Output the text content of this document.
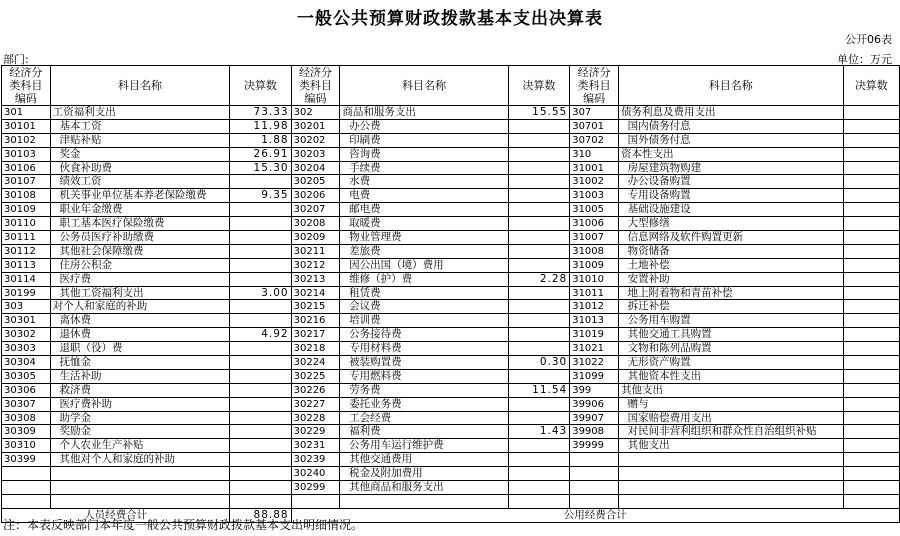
一般公共预算财政拨款基本支出决算表
公开06表
部门:	单位：万元
经济分类科目编码	科目名称	决算数	经济分类科目编码	科目名称	决算数	经济分类科目编码	科目名称	决算数
301	工资福利支出	73.33	302	商品和服务支出	15.55	307	债务利息及费用支出	
30101	基本工资	11.98	30201	办公费		30701	国内债务付息	
30102	津贴补贴	1.88	30202	印刷费		30702	国外债务付息	
30103	奖金	26.91	30203	咨询费		310	资本性支出	
30106	伙食补助费	15.30	30204	手续费		31001	房屋建筑物购建	
30107	绩效工资		30205	水费		31002	办公设备购置	
30108	机关事业单位基本养老保险缴费	9.35	30206	电费		31003	专用设备购置	
30109	职业年金缴费		30207	邮电费		31005	基础设施建设	
30110	职工基本医疗保险缴费		30208	取暖费		31006	大型修缮	
30111	公务员医疗补助缴费		30209	物业管理费		31007	信息网络及软件购置更新	
30112	其他社会保障缴费		30211	差旅费		31008	物资储备	
30113	住房公积金		30212	因公出国（境）费用		31009	土地补偿	
30114	医疗费		30213	维修（护）费	2.28	31010	安置补助	
30199	其他工资福利支出	3.00	30214	租赁费		31011	地上附着物和青苗补偿	
303	对个人和家庭的补助		30215	会议费		31012	拆迁补偿	
30301	离休费		30216	培训费		31013	公务用车购置	
30302	退休费	4.92	30217	公务接待费		31019	其他交通工具购置	
30303	退职（役）费		30218	专用材料费		31021	文物和陈列品购置	
30304	抚恤金		30224	被装购置费	0.30	31022	无形资产购置	
30305	生活补助		30225	专用燃料费		31099	其他资本性支出	
30306	救济费		30226	劳务费	11.54	399	其他支出	
30307	医疗费补助		30227	委托业务费		39906	赠与	
30308	助学金		30228	工会经费		39907	国家赔偿费用支出	
30309	奖励金		30229	福利费	1.43	39908	对民间非营利组织和群众性自治组织补贴	
30310	个人农业生产补贴		30231	公务用车运行维护费		39999	其他支出	
30399	其他对个人和家庭的补助		30239	其他交通费用				
			30240	税金及附加费用				
			30299	其他商品和服务支出				

人员经费合计		88.88	公用经费合计					
注：本表反映部门本年度一般公共预算财政拨款基本支出明细情况。
